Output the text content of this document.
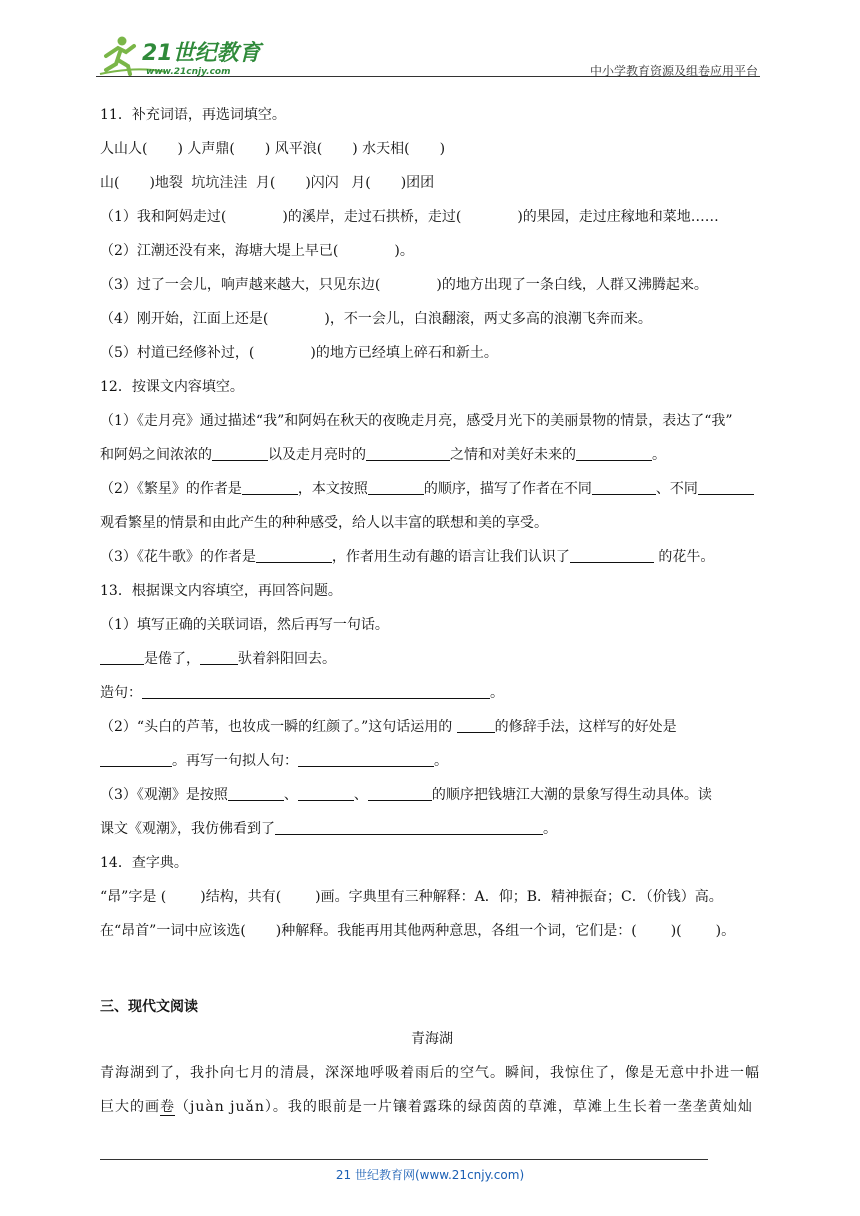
21世纪教育
www.21cnjy.com	中小学教育资源及组卷应用平台
11．补充词语，再选词填空。
人山人( ) 人声鼎( ) 风平浪( ) 水天相( )
山( )地裂 坑坑洼洼 月( )闪闪 月( )团团
（1）我和阿妈走过(	)的溪岸，走过石拱桥，走过(	)的果园，走过庄稼地和菜地……
（2）江潮还没有来，海塘大堤上早已(	)。
（3）过了一会儿，响声越来越大，只见东边(	)的地方出现了一条白线，人群又沸腾起来。
（4）刚开始，江面上还是(	)，不一会儿，白浪翻滚，两丈多高的浪潮飞奔而来。
（5）村道已经修补过，(	)的地方已经填上碎石和新土。
12．按课文内容填空。
（1）《走月亮》通过描述“我”和阿妈在秋天的夜晚走月亮，感受月光下的美丽景物的情景，表达了“我”
和阿妈之间浓浓的	以及走月亮时的	之情和对美好未来的	。
（2）《繁星》的作者是	，本文按照	的顺序，描写了作者在不同	、不同
观看繁星的情景和由此产生的种种感受，给人以丰富的联想和美的享受。
（3）《花牛歌》的作者是	，作者用生动有趣的语言让我们认识了	的花牛。
13．根据课文内容填空，再回答问题。
（1）填写正确的关联词语，然后再写一句话。
是倦了，	驮着斜阳回去。
造句：	。
（2）“头白的芦苇，也妆成一瞬的红颜了。”这句话运用的	的修辞手法，这样写的好处是
。再写一句拟人句：	。
（3）《观潮》是按照	、	、	的顺序把钱塘江大潮的景象写得生动具体。读
课文《观潮》，我仿佛看到了	。
14．查字典。
“昂”字是 ( )结构，共有( )画。字典里有三种解释：A．仰；B．精神振奋；C．（价钱）高。
在“昂首”一词中应该选( )种解释。我能再用其他两种意思，各组一个词，它们是：( )( )。
三、现代文阅读
青海湖
青海湖到了，我扑向七月的清晨，深深地呼吸着雨后的空气。瞬间，我惊住了，像是无意中扑进一幅
巨大的画卷（juàn juǎn）。我的眼前是一片镶着露珠的绿茵茵的草滩，草滩上生长着一垄垄黄灿灿
21 世纪教育网(www.21cnjy.com)
